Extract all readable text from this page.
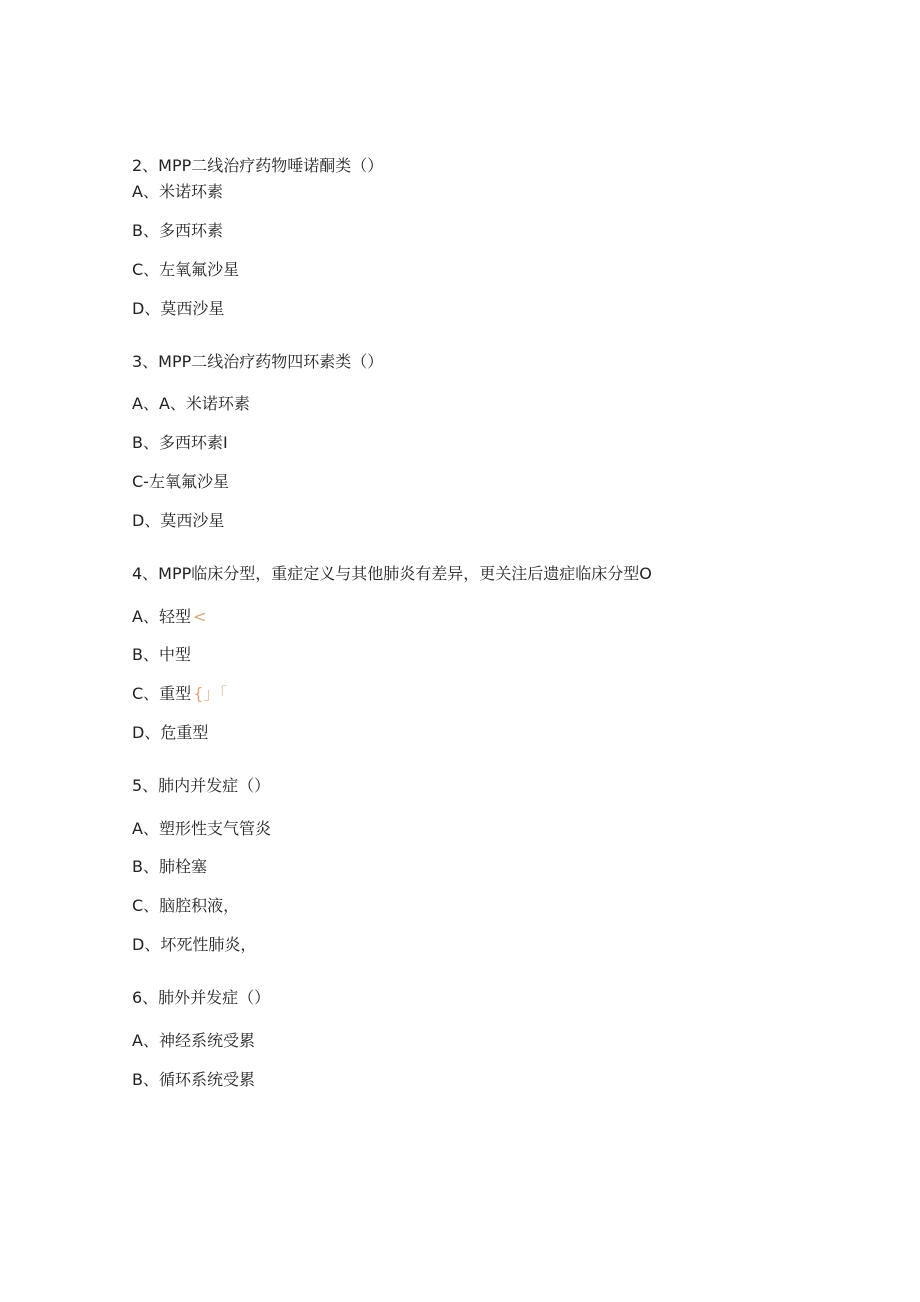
2、MPP二线治疗药物唾诺酮类（）
A、米诺环素
B、多西环素
C、左氧氟沙星
D、莫西沙星
3、MPP二线治疗药物四环素类（）
A、A、米诺环素
B、多西环素I
C-左氧氟沙星
D、莫西沙星
4、MPP临床分型，重症定义与其他肺炎有差异，更关注后遗症临床分型O
A、轻型 <
B、中型
C、重型 {」「
D、危重型
5、肺内并发症（）
A、塑形性支气管炎
B、肺栓塞
C、脑腔积液，
D、坏死性肺炎，
6、肺外并发症（）
A、神经系统受累
B、循环系统受累
